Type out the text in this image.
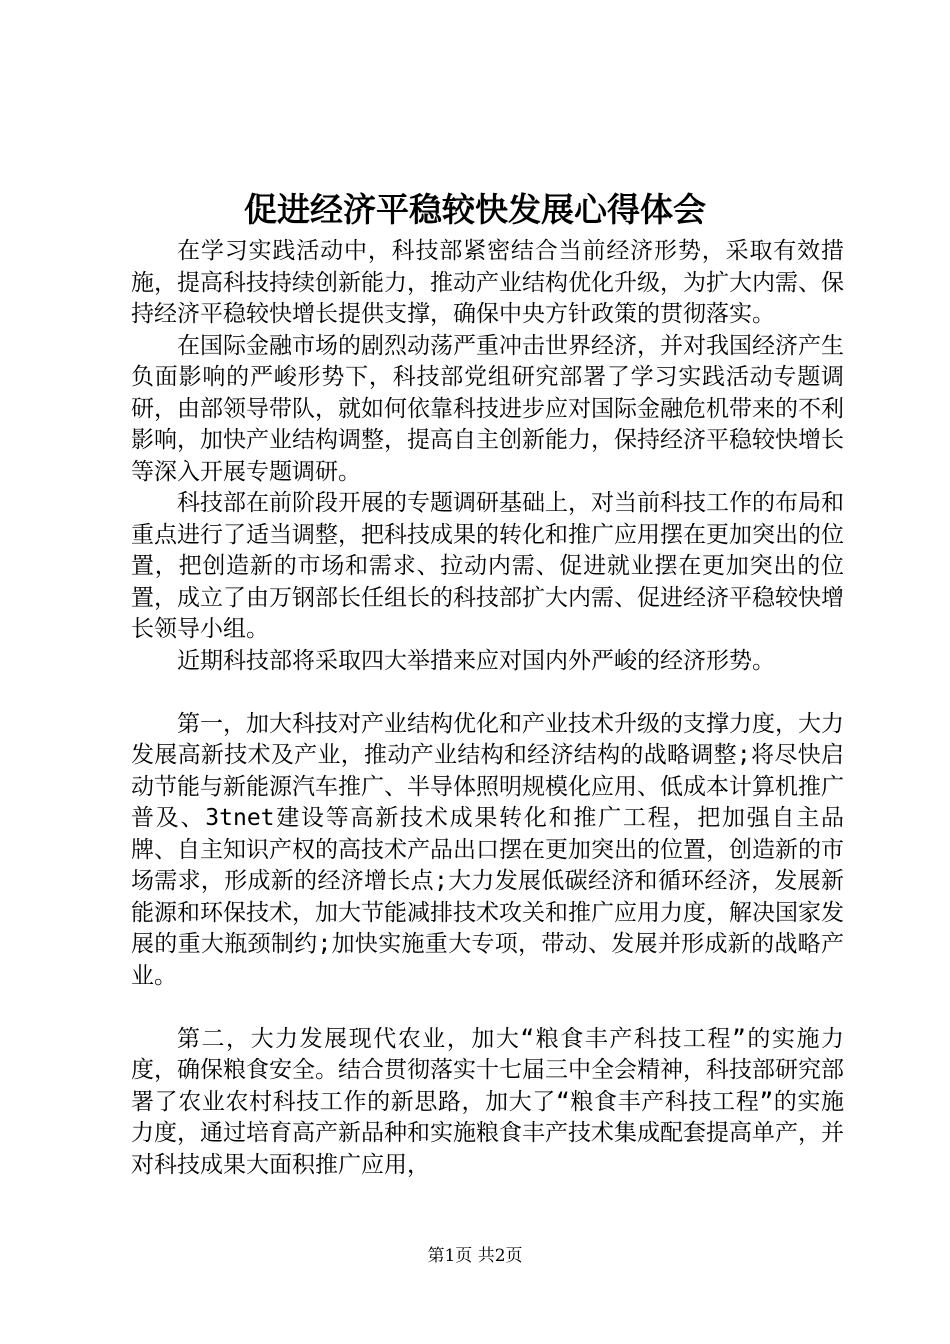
促进经济平稳较快发展心得体会

在学习实践活动中，科技部紧密结合当前经济形势，采取有效措施，提高科技持续创新能力，推动产业结构优化升级，为扩大内需、保持经济平稳较快增长提供支撑，确保中央方针政策的贯彻落实。

在国际金融市场的剧烈动荡严重冲击世界经济，并对我国经济产生负面影响的严峻形势下，科技部党组研究部署了学习实践活动专题调研，由部领导带队，就如何依靠科技进步应对国际金融危机带来的不利影响，加快产业结构调整，提高自主创新能力，保持经济平稳较快增长等深入开展专题调研。

科技部在前阶段开展的专题调研基础上，对当前科技工作的布局和重点进行了适当调整，把科技成果的转化和推广应用摆在更加突出的位置，把创造新的市场和需求、拉动内需、促进就业摆在更加突出的位置，成立了由万钢部长任组长的科技部扩大内需、促进经济平稳较快增长领导小组。

近期科技部将采取四大举措来应对国内外严峻的经济形势。

第一，加大科技对产业结构优化和产业技术升级的支撑力度，大力发展高新技术及产业，推动产业结构和经济结构的战略调整;将尽快启动节能与新能源汽车推广、半导体照明规模化应用、低成本计算机推广普及、3tnet建设等高新技术成果转化和推广工程，把加强自主品牌、自主知识产权的高技术产品出口摆在更加突出的位置，创造新的市场需求，形成新的经济增长点;大力发展低碳经济和循环经济，发展新能源和环保技术，加大节能减排技术攻关和推广应用力度，解决国家发展的重大瓶颈制约;加快实施重大专项，带动、发展并形成新的战略产业。

第二，大力发展现代农业，加大“粮食丰产科技工程”的实施力度，确保粮食安全。结合贯彻落实十七届三中全会精神，科技部研究部署了农业农村科技工作的新思路，加大了“粮食丰产科技工程”的实施力度，通过培育高产新品种和实施粮食丰产技术集成配套提高单产，并对科技成果大面积推广应用，

第1页 共2页
